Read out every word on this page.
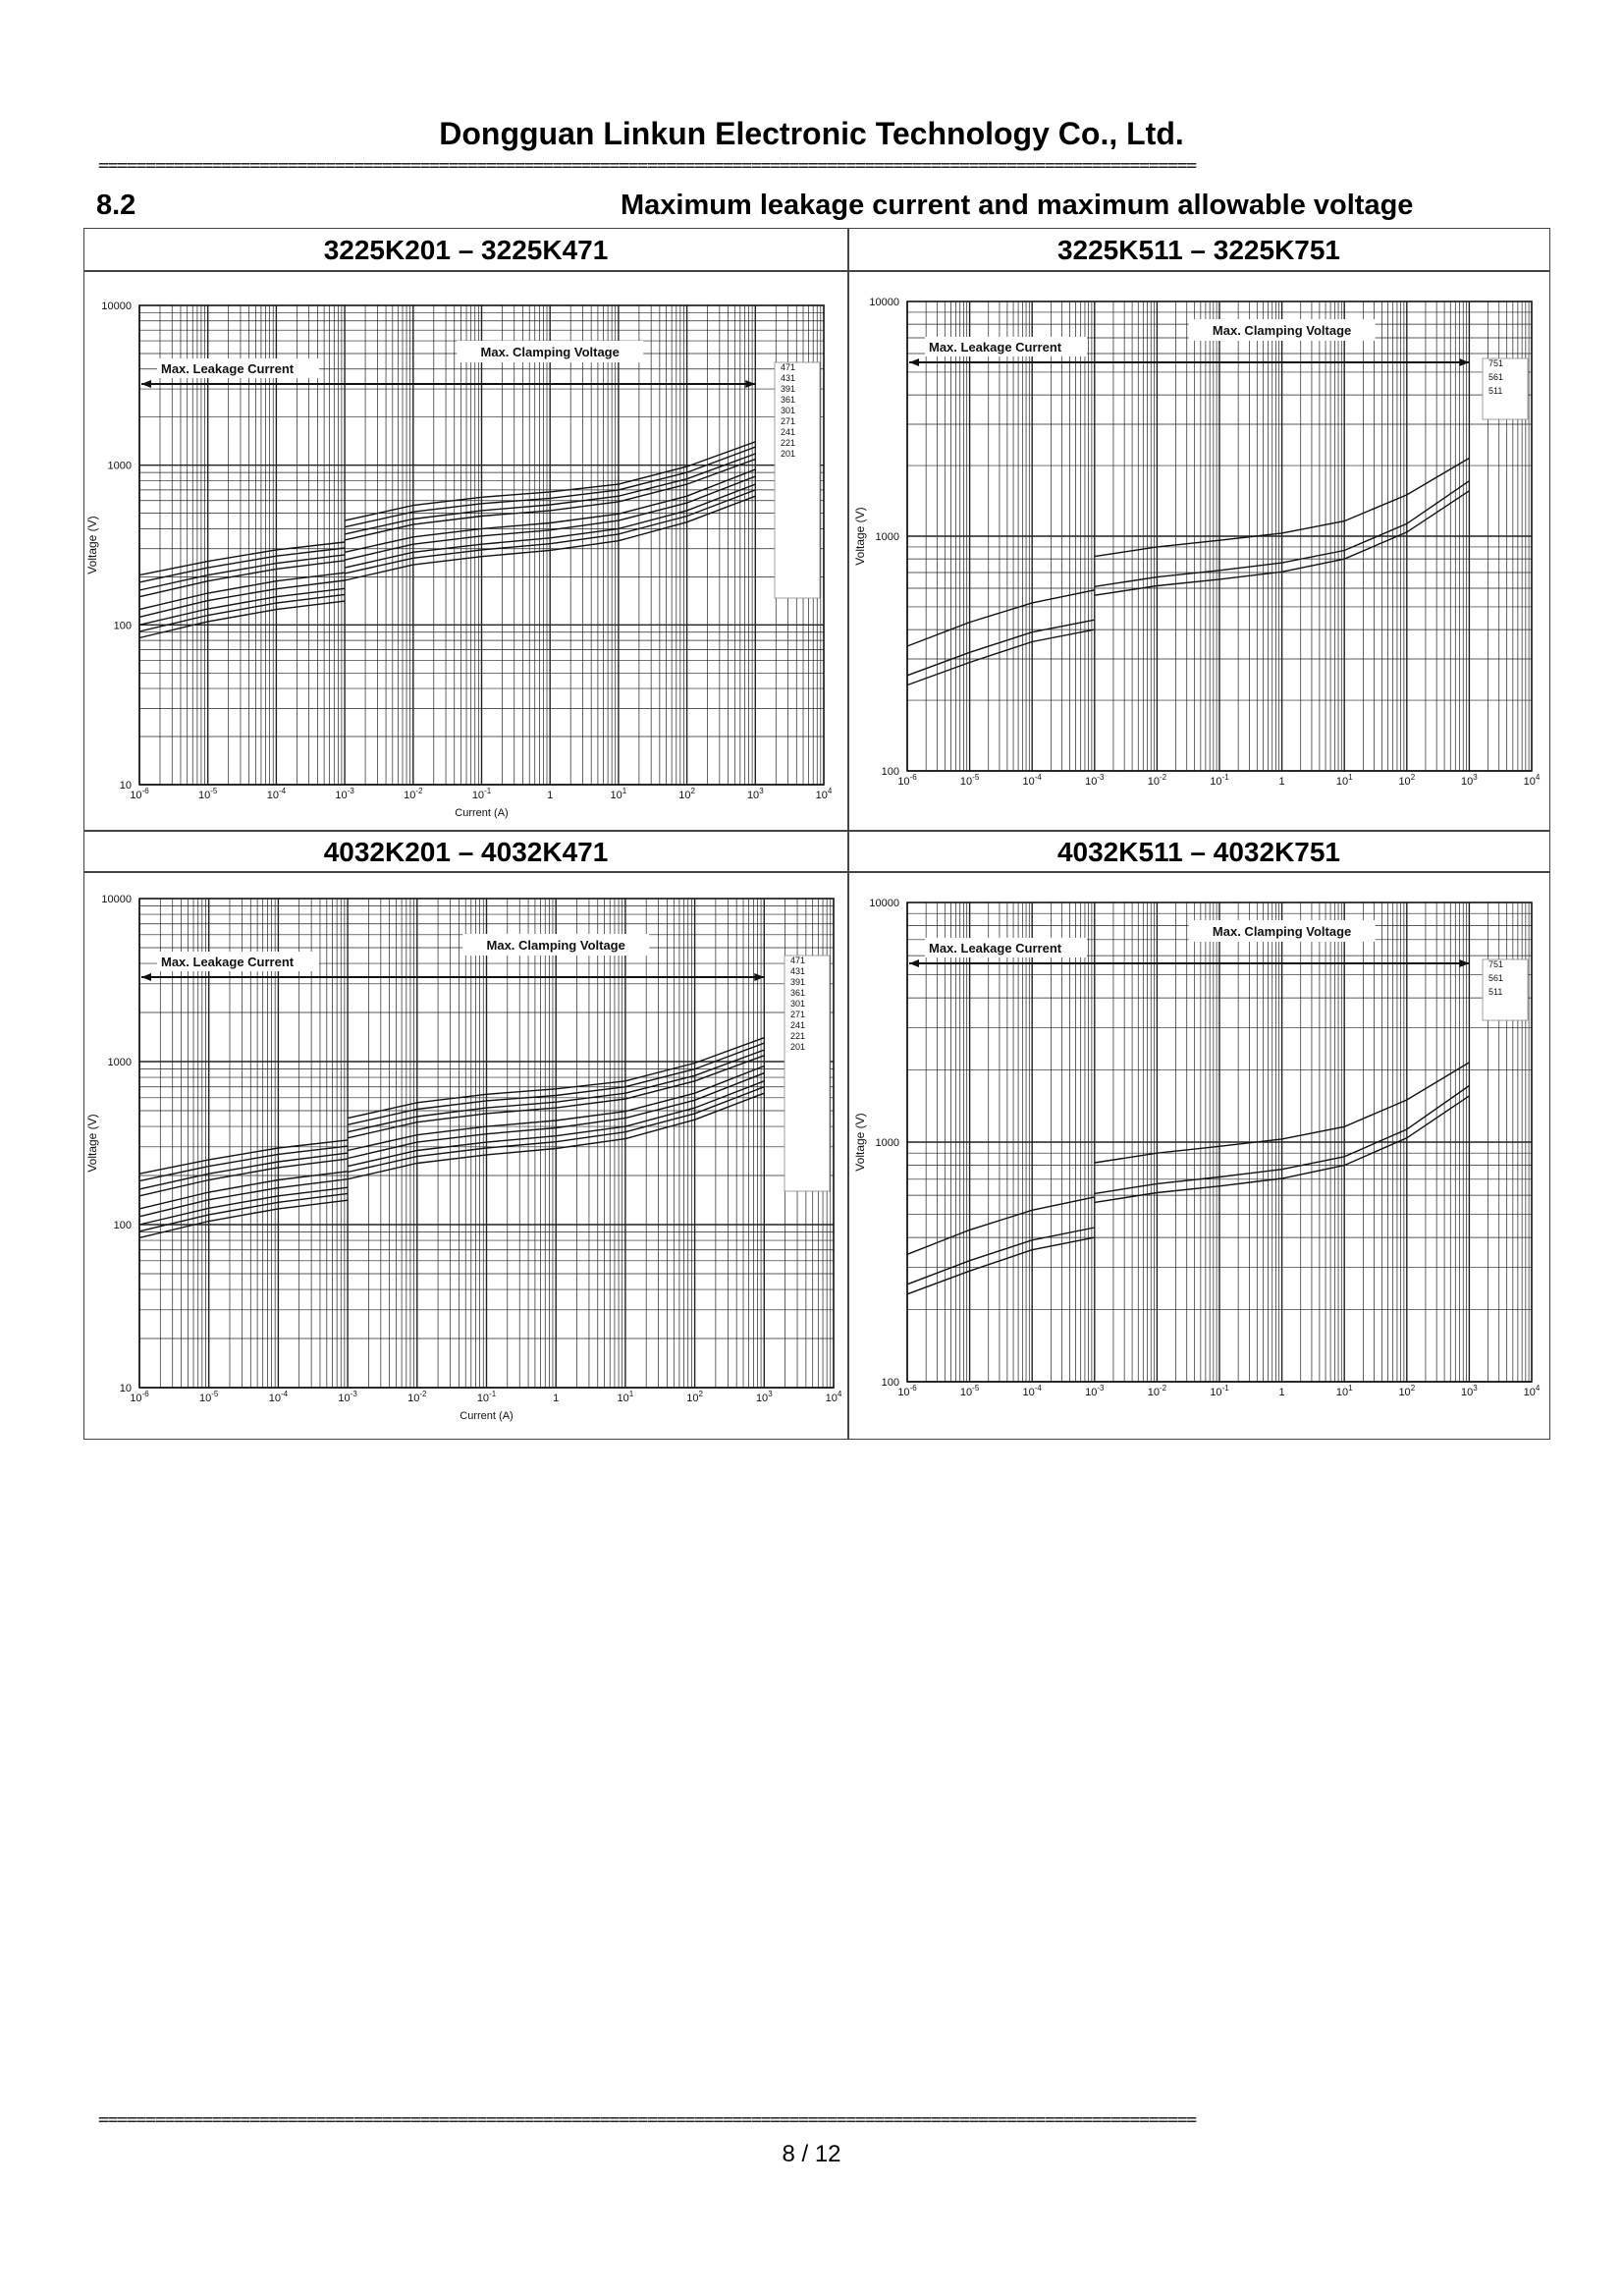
Dongguan Linkun Electronic Technology Co., Ltd.
====================================================================================================================
8.2	Maximum leakage current and maximum allowable voltage
3225K201 – 3225K471	3225K511 – 3225K751
4032K201 – 4032K471	4032K511 – 4032K751
$10^{-6}$	$10^{-5}$	$10^{-4}$	$10^{-3}$	$10^{-2}$	$10^{-1}$	1	$10^1$	$10^2$	$10^3$	$10^4$
10
100
1000
10000
Voltage (V)
Current (A)
Max. Leakage Current
Max. Clamping Voltage
471
431
391
361
301
271
241
221
201
$10^{-6}$	$10^{-5}$	$10^{-4}$	$10^{-3}$	$10^{-2}$	$10^{-1}$	1	$10^1$	$10^2$	$10^3$	$10^4$
100
1000
10000
Voltage (V)
Max. Leakage Current
Max. Clamping Voltage
751
561
511
$10^{-6}$	$10^{-5}$	$10^{-4}$	$10^{-3}$	$10^{-2}$	$10^{-1}$	1	$10^1$	$10^2$	$10^3$	$10^4$
10
100
1000
10000
Voltage (V)
Current (A)
Max. Leakage Current
Max. Clamping Voltage
471
431
391
361
301
271
241
221
201
$10^{-6}$	$10^{-5}$	$10^{-4}$	$10^{-3}$	$10^{-2}$	$10^{-1}$	1	$10^1$	$10^2$	$10^3$	$10^4$
100
1000
10000
Voltage (V)
Max. Leakage Current
Max. Clamping Voltage
751
561
511
====================================================================================================================
8 / 12
